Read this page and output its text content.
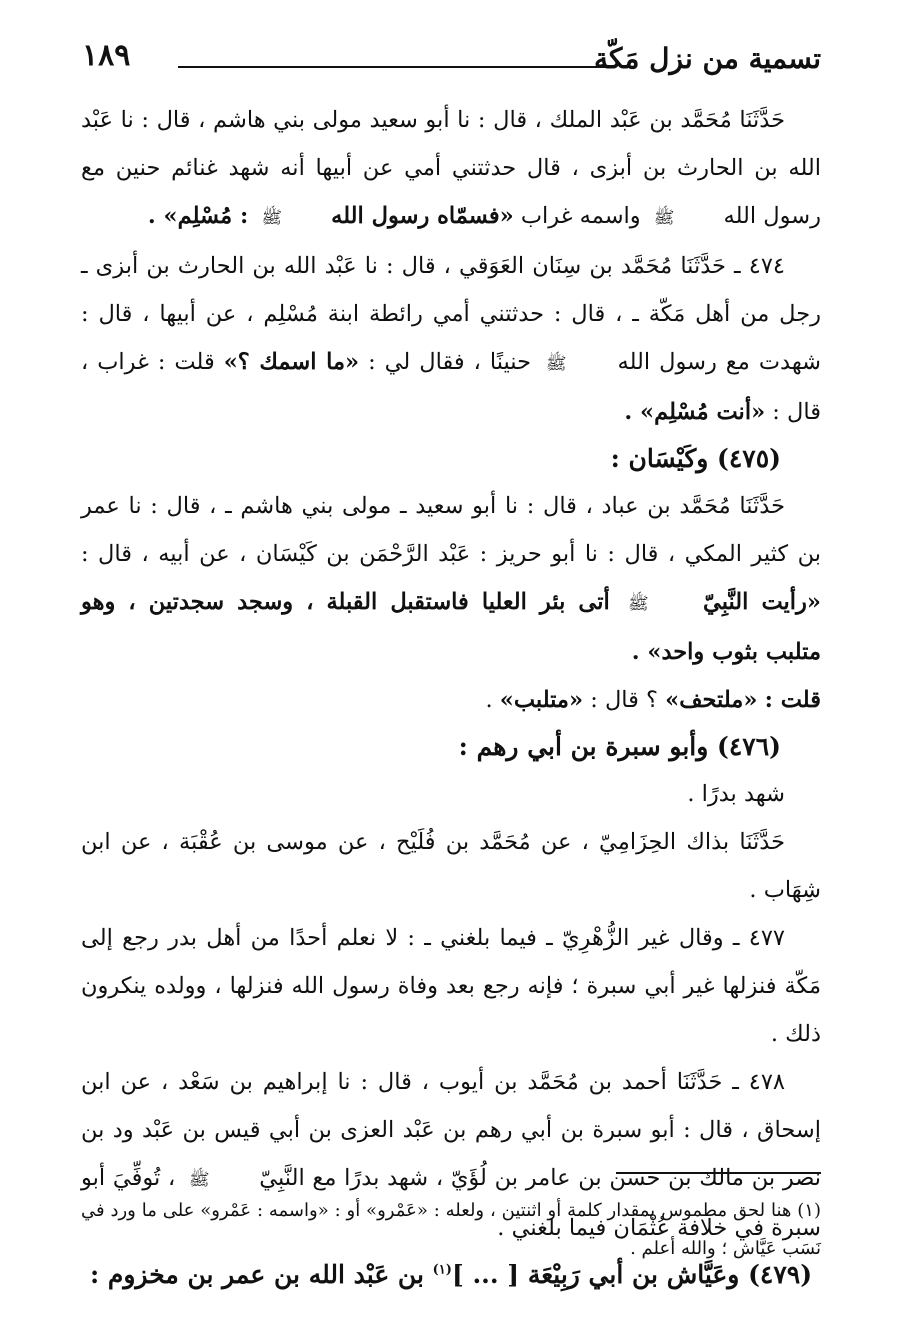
تسمية من نزل مَكّة
١٨٩

حَدَّثَنَا مُحَمَّد بن عَبْد الملك ، قال : نا أبو سعيد مولى بني هاشم ، قال : نا عَبْد الله بن الحارث بن أبزى ، قال حدثتني أمي عن أبيها أنه شهد غنائم حنين مع رسول الله ﷺ واسمه غراب «فسمّاه رسول الله ﷺ : مُسْلِم» .

٤٧٤ ـ حَدَّثَنَا مُحَمَّد بن سِنَان العَوَقي ، قال : نا عَبْد الله بن الحارث بن أبزى ـ رجل من أهل مَكّة ـ ، قال : حدثتني أمي رائطة ابنة مُسْلِم ، عن أبيها ، قال : شهدت مع رسول الله ﷺ حنينًا ، فقال لي : «ما اسمك ؟» قلت : غراب ، قال : «أنت مُسْلِم» .

(٤٧٥) وكَيْسَان :

حَدَّثَنَا مُحَمَّد بن عباد ، قال : نا أبو سعيد ـ مولى بني هاشم ـ ، قال : نا عمر بن كثير المكي ، قال : نا أبو حريز : عَبْد الرَّحْمَن بن كَيْسَان ، عن أبيه ، قال : «رأيت النَّبِيّ ﷺ أتى بئر العليا فاستقبل القبلة ، وسجد سجدتين ، وهو متلبب بثوب واحد» .

قلت : «ملتحف» ؟ قال : «متلبب» .

(٤٧٦) وأبو سبرة بن أبي رهم :

شهد بدرًا .

حَدَّثَنَا بذاك الحِزَامِيّ ، عن مُحَمَّد بن فُلَيْح ، عن موسى بن عُقْبَة ، عن ابن شِهَاب .

٤٧٧ ـ وقال غير الزُّهْرِيّ ـ فيما بلغني ـ : لا نعلم أحدًا من أهل بدر رجع إلى مَكّة فنزلها غير أبي سبرة ؛ فإنه رجع بعد وفاة رسول الله فنزلها ، وولده ينكرون ذلك .

٤٧٨ ـ حَدَّثَنَا أحمد بن مُحَمَّد بن أيوب ، قال : نا إبراهيم بن سَعْد ، عن ابن إسحاق ، قال : أبو سبرة بن أبي رهم بن عَبْد العزى بن أبي قيس بن عَبْد ود بن نصر بن مالك بن حسن بن عامر بن لُؤَيّ ، شهد بدرًا مع النَّبِيّ ﷺ ، تُوفِّيَ أبو سبرة في خلافة عُثْمَان فيما بلغني .

(٤٧٩) وعَيَّاش بن أبي رَبِيْعَة [ ... ]$^{(١)}$ بن عَبْد الله بن عمر بن مخزوم :

(١) هنا لحق مطموس بمقدار كلمة أو اثنتين ، ولعله : «عَمْرو» أو : «واسمه : عَمْرو» على ما ورد في نَسَب عَيَّاش ؛ والله أعلم .
